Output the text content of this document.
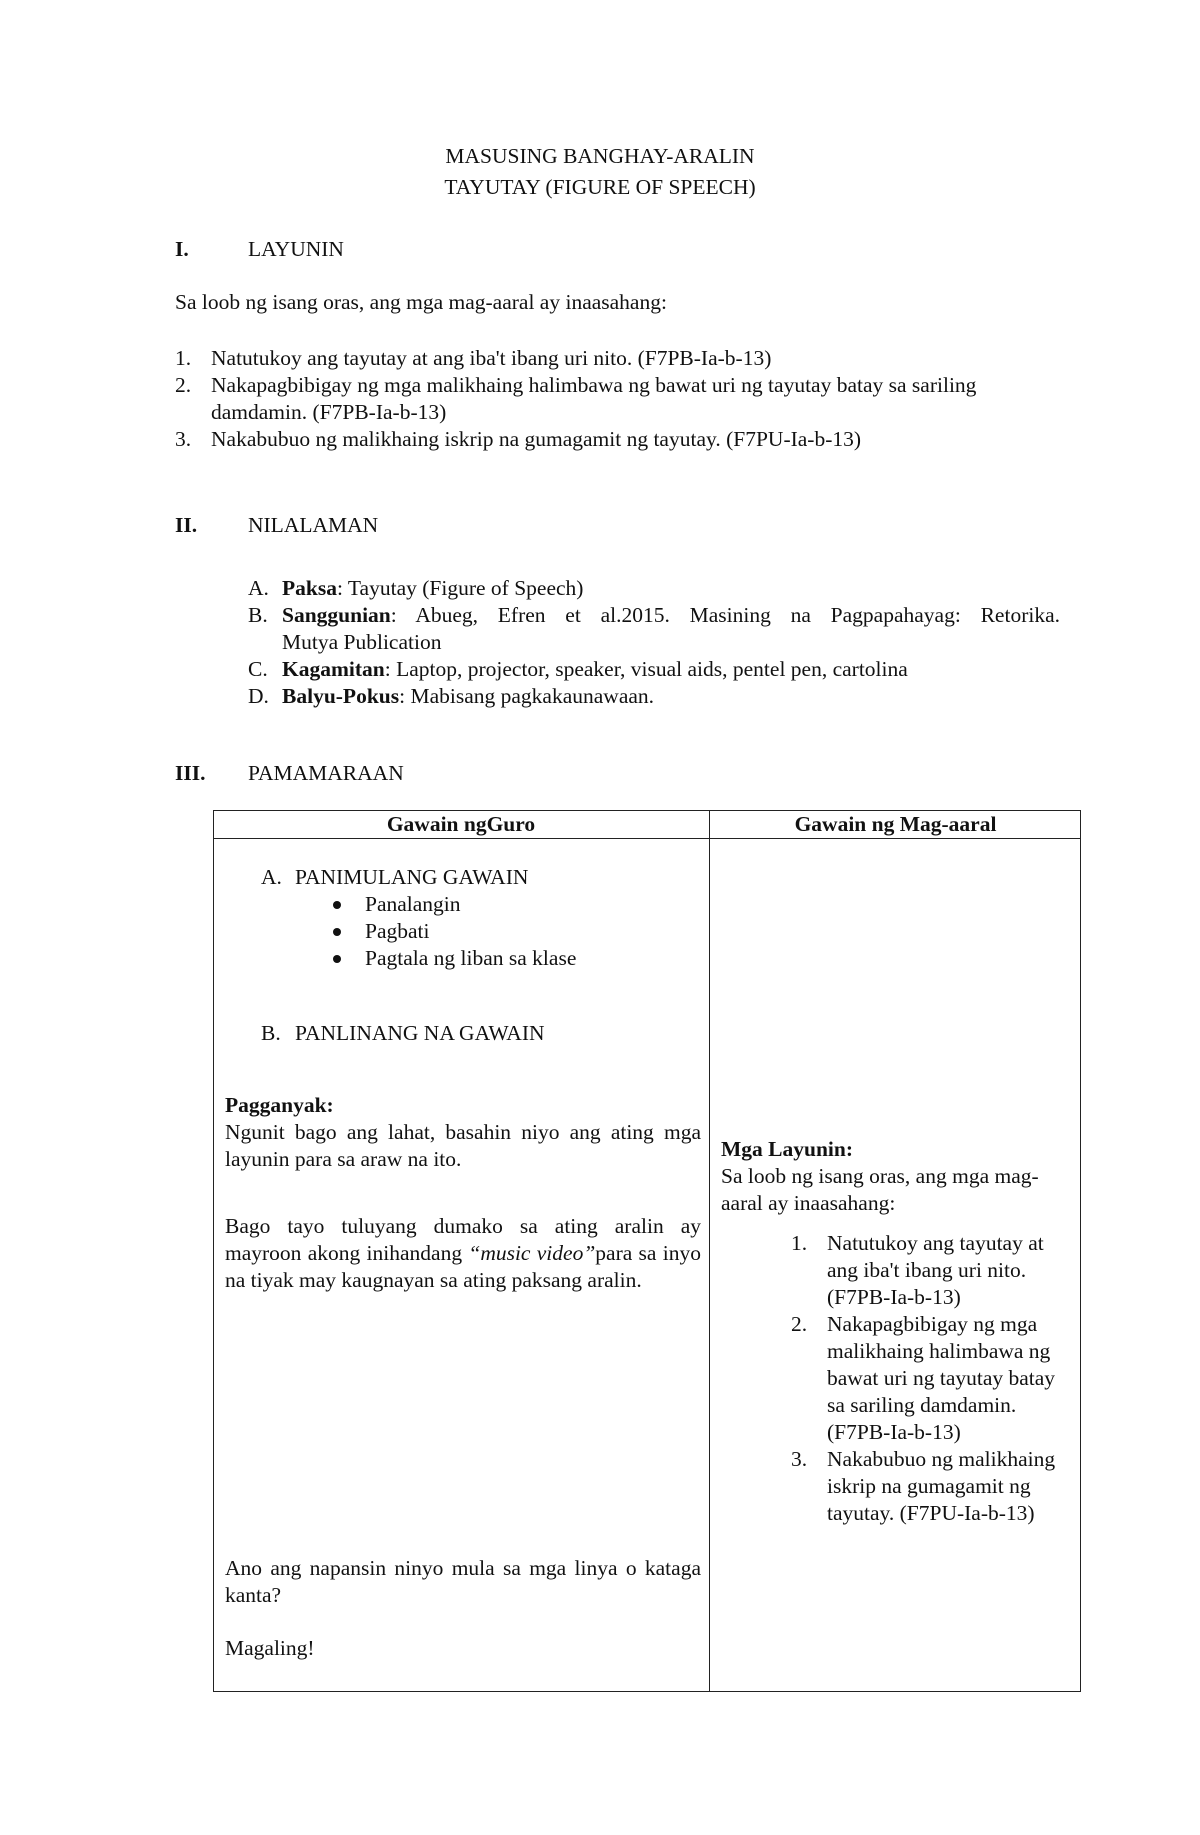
MASUSING BANGHAY-ARALIN
TAYUTAY (FIGURE OF SPEECH)
I.	LAYUNIN
Sa loob ng isang oras, ang mga mag-aaral ay inaasahang:
1. Natutukoy ang tayutay at ang iba't ibang uri nito. (F7PB-Ia-b-13)
2. Nakapagbibigay ng mga malikhaing halimbawa ng bawat uri ng tayutay batay sa sariling
damdamin. (F7PB-Ia-b-13)
3. Nakabubuo ng malikhaing iskrip na gumagamit ng tayutay. (F7PU-Ia-b-13)
II. NILALAMAN
A. Paksa: Tayutay (Figure of Speech)
B. Sanggunian: Abueg, Efren et al.2015. Masining na Pagpapahayag: Retorika.
Mutya Publication
C. Kagamitan: Laptop, projector, speaker, visual aids, pentel pen, cartolina
D. Balyu-Pokus: Mabisang pagkakaunawaan.
III. PAMAMARAAN
Gawain ngGuro	Gawain ng Mag-aaral
A. PANIMULANG GAWAIN
Panalangin
Pagbati
Pagtala ng liban sa klase
B. PANLINANG NA GAWAIN
Pagganyak:
Ngunit bago ang lahat, basahin niyo ang ating mga layunin para sa araw na ito.
Bago tayo tuluyang dumako sa ating aralin ay mayroon akong inihandang “music video”para sa inyo na tiyak may kaugnayan sa ating paksang aralin.
Ano ang napansin ninyo mula sa mga linya o kataga kanta?
Magaling!
Mga Layunin:
Sa loob ng isang oras, ang mga mag-aaral ay inaasahang:
1. Natutukoy ang tayutay at ang iba't ibang uri nito. (F7PB-Ia-b-13)
2. Nakapagbibigay ng mga malikhaing halimbawa ng bawat uri ng tayutay batay sa sariling damdamin. (F7PB-Ia-b-13)
3. Nakabubuo ng malikhaing iskrip na gumagamit ng tayutay. (F7PU-Ia-b-13)
